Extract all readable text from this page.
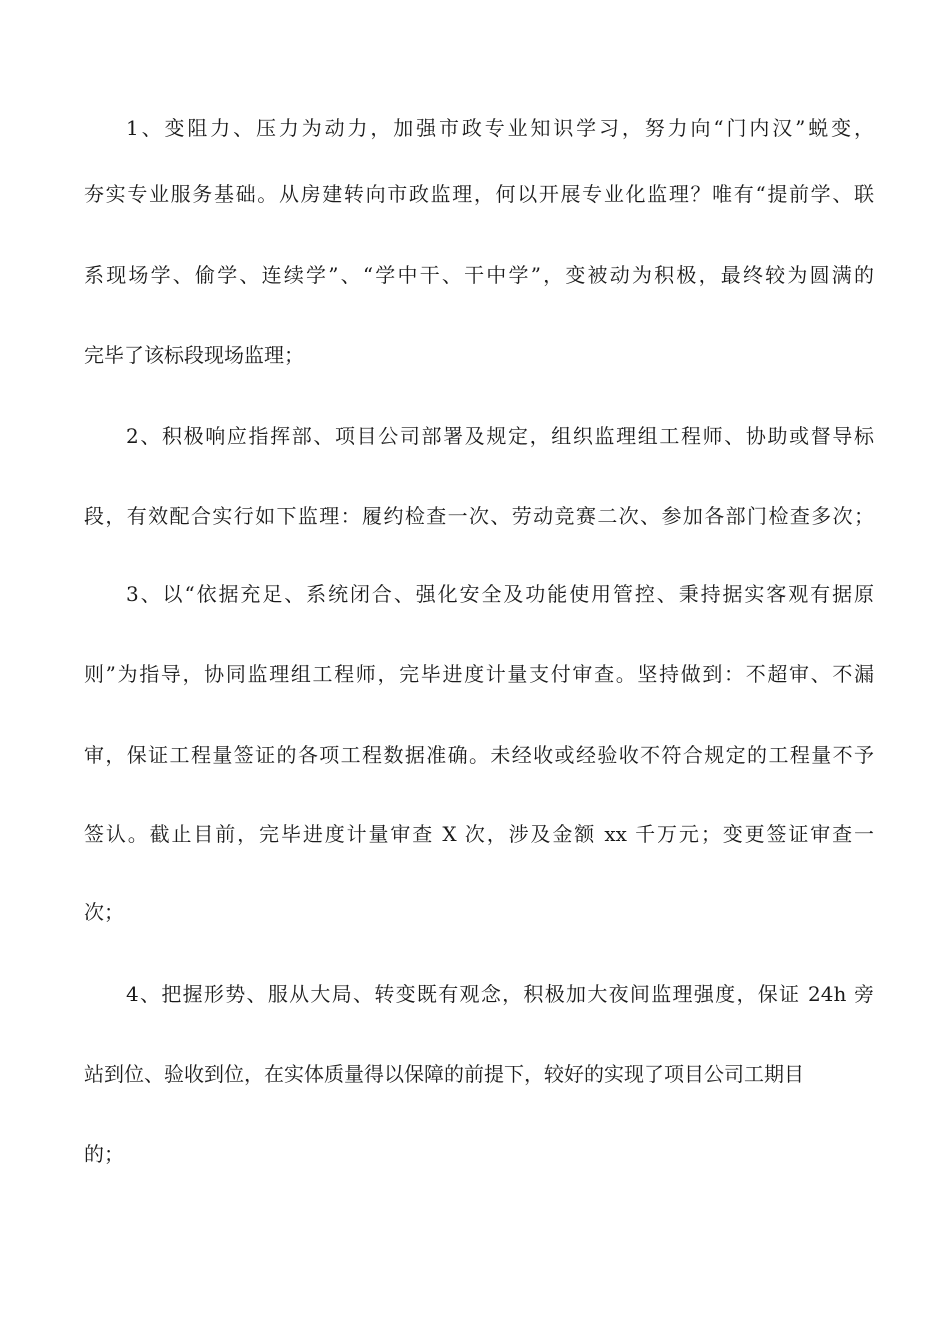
1、变阻力、压力为动力，加强市政专业知识学习，努力向“门内汉”蜕变，
夯实专业服务基础。从房建转向市政监理，何以开展专业化监理？唯有“提前学、联
系现场学、偷学、连续学”、“学中干、干中学”，变被动为积极，最终较为圆满的
完毕了该标段现场监理；
2、积极响应指挥部、项目公司部署及规定，组织监理组工程师、协助或督导标
段，有效配合实行如下监理：履约检查一次、劳动竞赛二次、参加各部门检查多次；
3、以“依据充足、系统闭合、强化安全及功能使用管控、秉持据实客观有据原
则”为指导，协同监理组工程师，完毕进度计量支付审查。坚持做到：不超审、不漏
审，保证工程量签证的各项工程数据准确。未经收或经验收不符合规定的工程量不予
签认。截止目前，完毕进度计量审查 X 次，涉及金额 xx 千万元；变更签证审查一
次；
4、把握形势、服从大局、转变既有观念，积极加大夜间监理强度，保证 24h 旁
站到位、验收到位，在实体质量得以保障的前提下，较好的实现了项目公司工期目
的；
